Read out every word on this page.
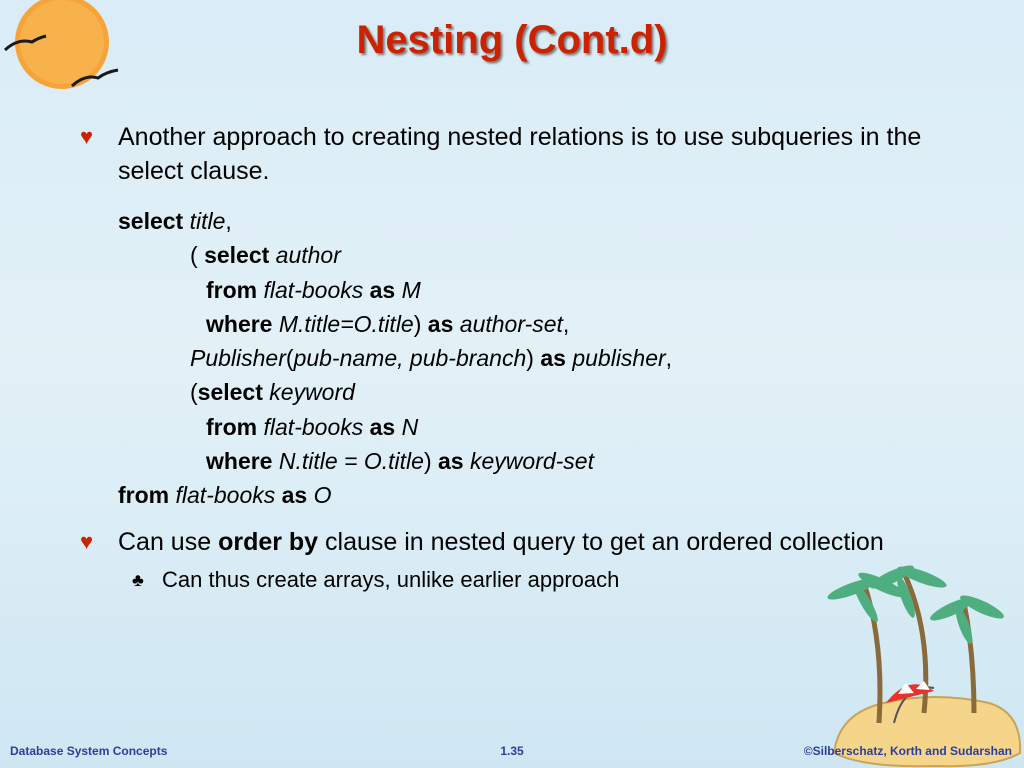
Nesting (Cont.d)
♥ Another approach to creating nested relations is to use subqueries in the select clause.
select title,
( select author
from flat-books as M
where M.title=O.title) as author-set,
Publisher(pub-name, pub-branch) as publisher,
(select keyword
from flat-books as N
where N.title = O.title) as keyword-set
from flat-books as O
♥ Can use order by clause in nested query to get an ordered collection
♣ Can thus create arrays, unlike earlier approach
Database System Concepts	1.35	©Silberschatz, Korth and Sudarshan
